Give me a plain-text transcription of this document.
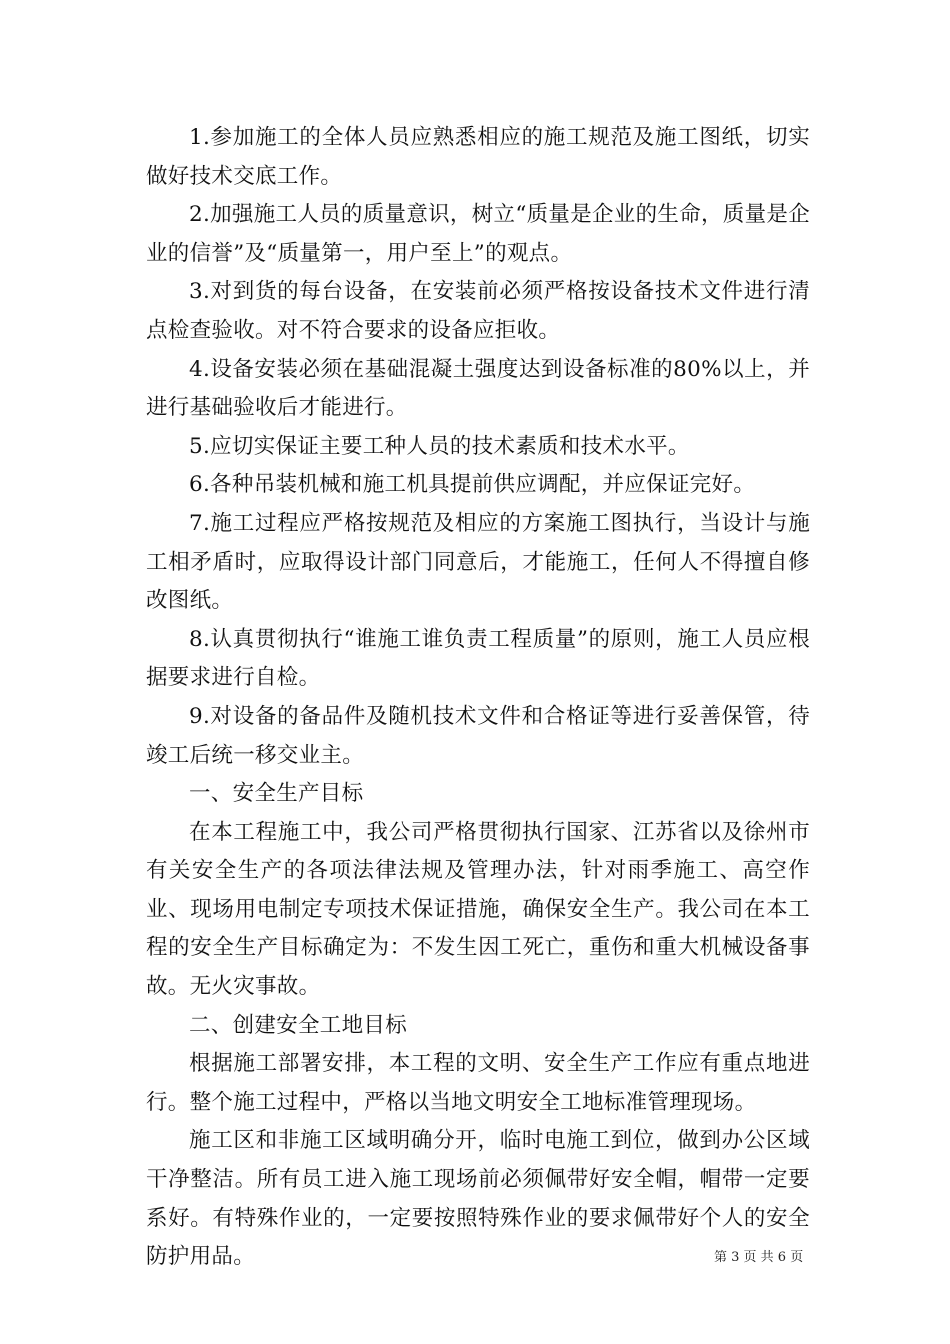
1.参加施工的全体人员应熟悉相应的施工规范及施工图纸，切实做好技术交底工作。

2.加强施工人员的质量意识，树立“质量是企业的生命，质量是企业的信誉”及“质量第一，用户至上”的观点。

3.对到货的每台设备，在安装前必须严格按设备技术文件进行清点检查验收。对不符合要求的设备应拒收。

4.设备安装必须在基础混凝土强度达到设备标准的80%以上，并进行基础验收后才能进行。

5.应切实保证主要工种人员的技术素质和技术水平。

6.各种吊装机械和施工机具提前供应调配，并应保证完好。

7.施工过程应严格按规范及相应的方案施工图执行，当设计与施工相矛盾时，应取得设计部门同意后，才能施工，任何人不得擅自修改图纸。

8.认真贯彻执行“谁施工谁负责工程质量”的原则，施工人员应根据要求进行自检。

9.对设备的备品件及随机技术文件和合格证等进行妥善保管，待竣工后统一移交业主。

一、安全生产目标

在本工程施工中，我公司严格贯彻执行国家、江苏省以及徐州市有关安全生产的各项法律法规及管理办法，针对雨季施工、高空作业、现场用电制定专项技术保证措施，确保安全生产。我公司在本工程的安全生产目标确定为：不发生因工死亡，重伤和重大机械设备事故。无火灾事故。

二、创建安全工地目标

根据施工部署安排，本工程的文明、安全生产工作应有重点地进行。整个施工过程中，严格以当地文明安全工地标准管理现场。

施工区和非施工区域明确分开，临时电施工到位，做到办公区域干净整洁。所有员工进入施工现场前必须佩带好安全帽，帽带一定要系好。有特殊作业的，一定要按照特殊作业的要求佩带好个人的安全防护用品。	第 3 页 共 6 页
